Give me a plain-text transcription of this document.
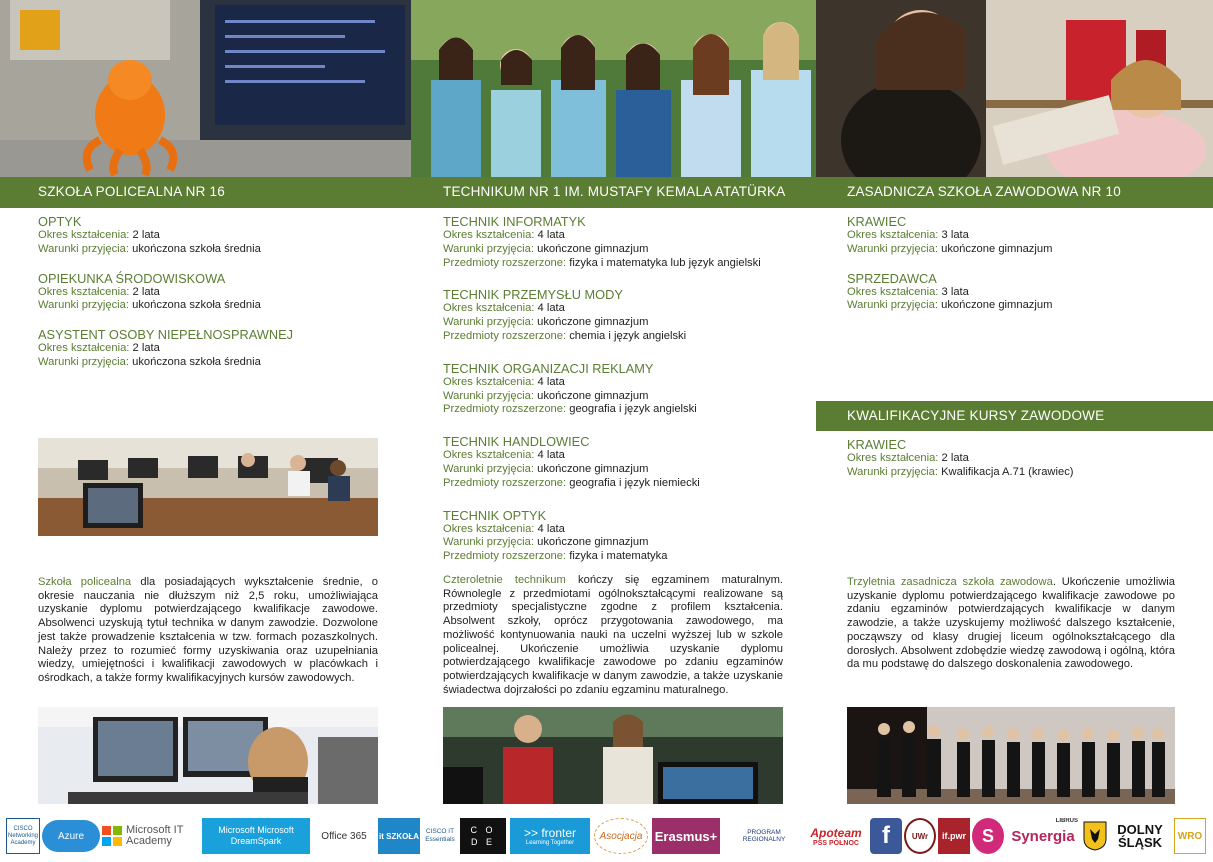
SZKOŁA POLICEALNA NR 16	TECHNIKUM NR 1 IM. MUSTAFY KEMALA ATATÜRKA	ZASADNICZA SZKOŁA ZAWODOWA NR 10
OPTYK
Okres kształcenia: 2 lata
Warunki przyjęcia: ukończona szkoła średnia
OPIEKUNKA ŚRODOWISKOWA
Okres kształcenia: 2 lata
Warunki przyjęcia: ukończona szkoła średnia
ASYSTENT OSOBY NIEPEŁNOSPRAWNEJ
Okres kształcenia: 2 lata
Warunki przyjęcia: ukończona szkoła średnia
TECHNIK INFORMATYK
Okres kształcenia: 4 lata
Warunki przyjęcia: ukończone gimnazjum
Przedmioty rozszerzone: fizyka i matematyka lub język angielski
TECHNIK PRZEMYSŁU MODY
Okres kształcenia: 4 lata
Warunki przyjęcia: ukończone gimnazjum
Przedmioty rozszerzone: chemia i język angielski
TECHNIK ORGANIZACJI REKLAMY
Okres kształcenia: 4 lata
Warunki przyjęcia: ukończone gimnazjum
Przedmioty rozszerzone: geografia i język angielski
TECHNIK HANDLOWIEC
Okres kształcenia: 4 lata
Warunki przyjęcia: ukończone gimnazjum
Przedmioty rozszerzone: geografia i język niemiecki
TECHNIK OPTYK
Okres kształcenia: 4 lata
Warunki przyjęcia: ukończone gimnazjum
Przedmioty rozszerzone: fizyka i matematyka
KRAWIEC
Okres kształcenia: 3 lata
Warunki przyjęcia: ukończone gimnazjum
SPRZEDAWCA
Okres kształcenia: 3 lata
Warunki przyjęcia: ukończone gimnazjum
KWALIFIKACYJNE KURSY ZAWODOWE
KRAWIEC
Okres kształcenia: 2 lata
Warunki przyjęcia: Kwalifikacja A.71 (krawiec)
Szkoła policealna dla posiadających wykształcenie średnie, o okresie nauczania nie dłuższym niż 2,5 roku, umożliwiająca uzyskanie dyplomu potwierdzającego kwalifikacje zawodowe. Absolwenci uzyskują tytuł technika w danym zawodzie. Dozwolone jest także prowadzenie kształcenia w tzw. formach pozaszkolnych. Należy przez to rozumieć formy uzyskiwania oraz uzupełniania wiedzy, umiejętności i kwalifikacji zawodowych w placówkach i ośrodkach, a także formy kwalifikacyjnych kursów zawodowych.
Czteroletnie technikum kończy się egzaminem maturalnym. Równolegle z przedmiotami ogólnokształcącymi realizowane są przedmioty specjalistyczne zgodne z profilem kształcenia. Absolwent szkoły, oprócz przygotowania zawodowego, ma możliwość kontynuowania nauki na uczelni wyższej lub w szkole policealnej. Ukończenie umożliwia uzyskanie dyplomu potwierdzającego kwalifikacje zawodowe po zdaniu egzaminów potwierdzających kwalifikacje w danym zawodzie, a także uzyskanie świadectwa dojrzałości po zdaniu egzaminu maturalnego.
Trzyletnia zasadnicza szkoła zawodowa. Ukończenie umożliwia uzyskanie dyplomu potwierdzającego kwalifikacje zawodowe po zdaniu egzaminów potwierdzających kwalifikacje w danym zawodzie, a także uzyskujemy możliwość dalszego kształcenie, począwszy od klasy drugiej liceum ogólnokształcącego dla dorosłych. Absolwent zdobędzie wiedzę zawodową i ogólną, która da mu podstawę do dalszego doskonalenia zawodowego.
CISCO Networking Academy
Azure	Microsoft IT Academy
Microsoft Microsoft DreamSpark	Office 365 it SZKOŁA	CISCO IT Essentials
C O D E
>> fronter
Learning Together
Asocjacja Erasmus+	PROGRAM REGIONALNY	Apoteam
PSS PÓŁNOC f	UWr if.pwr S Synergia
LIBRUS
DOLNY ŚLĄSK	WRO
